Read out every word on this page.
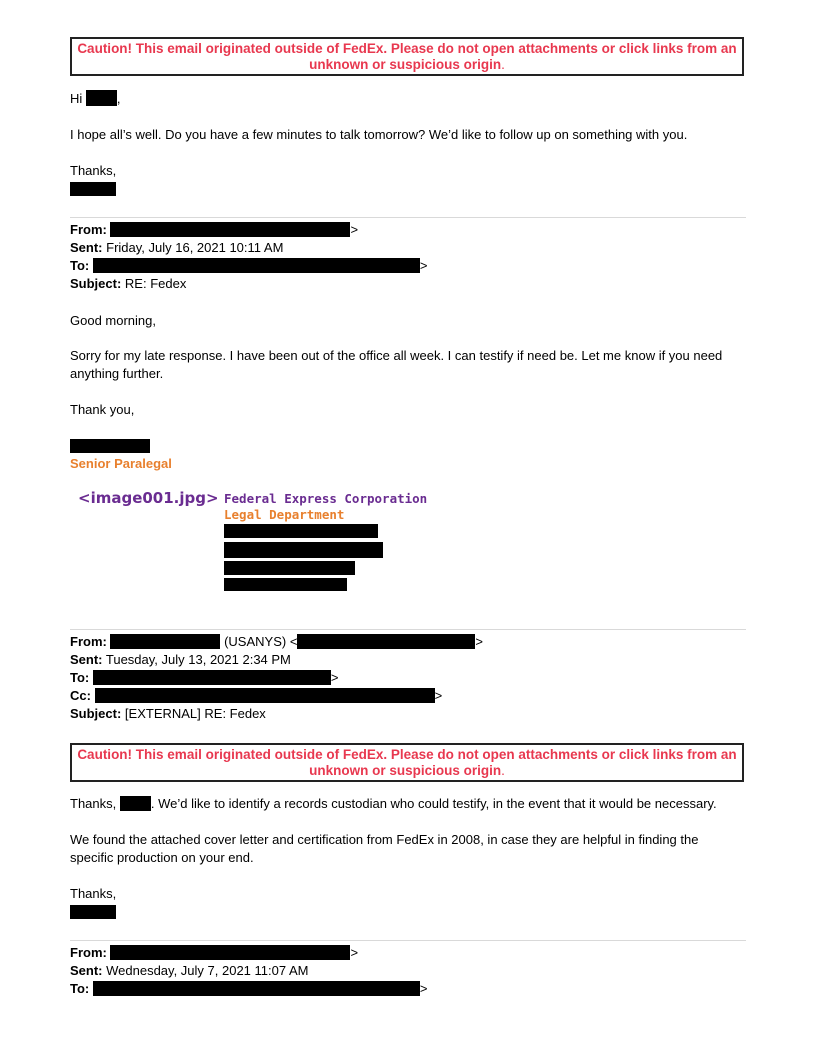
Caution! This email originated outside of FedEx. Please do not open attachments or click links from an
unknown or suspicious origin.
Hi	,
I hope all’s well. Do you have a few minutes to talk tomorrow? We’d like to follow up on something with you.
Thanks,
From:	>
Sent: Friday, July 16, 2021 10:11 AM
To:	>
Subject: RE: Fedex
Good morning,
Sorry for my late response. I have been out of the office all week. I can testify if need be. Let me know if you need anything further.
Thank you,
Senior Paralegal
<image001.jpg> Federal Express Corporation
Legal Department
From:	(USANYS) <	>
Sent: Tuesday, July 13, 2021 2:34 PM
To:	>
Cc:	>
Subject: [EXTERNAL] RE: Fedex
Caution! This email originated outside of FedEx. Please do not open attachments or click links from an
unknown or suspicious origin.
Thanks,	. We’d like to identify a records custodian who could testify, in the event that it would be necessary.
We found the attached cover letter and certification from FedEx in 2008, in case they are helpful in finding the specific production on your end.
Thanks,
From:	>
Sent: Wednesday, July 7, 2021 11:07 AM
To:	>
